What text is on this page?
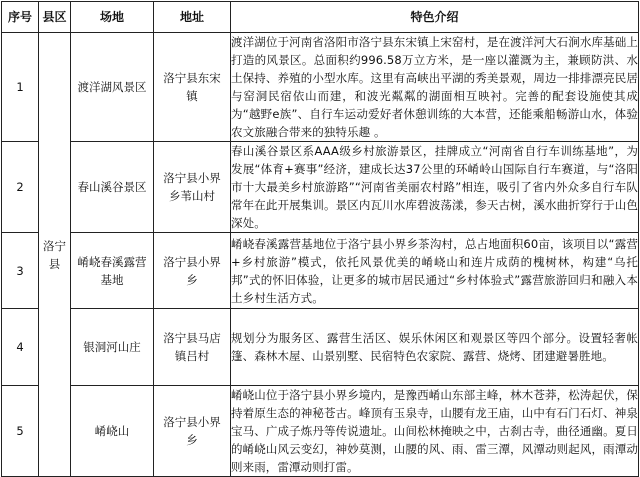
序号	县区	场地	地址	特色介绍
1	洛宁县	渡洋湖风景区	洛宁县东宋镇	渡洋湖位于河南省洛阳市洛宁县东宋镇上宋窑村，是在渡洋河大石涧水库基础上打造的风景区。总面积约996.58万立方米，是一座以灌溉为主，兼顾防洪、水土保持、养殖的小型水库。这里有高峡出平湖的秀美景观，周边一排排漂亮民居与窑洞民宿依山而建，和波光粼粼的湖面相互映衬。完善的配套设施使其成为“越野e族”、自行车运动爱好者休憩训练的大本营，还能乘船畅游山水，体验农文旅融合带来的独特乐趣 。
2		春山溪谷景区	洛宁县小界乡苇山村	春山溪谷景区系AAA级乡村旅游景区，挂牌成立“河南省自行车训练基地”，为发展“体育+赛事”经济，建成长达37公里的环崤岭山国际自行车赛道，与“洛阳市十大最美乡村旅游路”“河南省美丽农村路”相连，吸引了省内外众多自行车队常年在此开展集训。景区内瓦川水库碧波荡漾，参天古树，溪水曲折穿行于山色深处。
3		崤峣春溪露营基地	洛宁县小界乡	崤峣春溪露营基地位于洛宁县小界乡茶沟村，总占地面积60亩，该项目以“露营+乡村旅游”模式，依托风景优美的崤峣山和连片成荫的槐树林，构建“乌托邦”式的怀旧体验，让更多的城市居民通过“乡村体验式”露营旅游回归和融入本土乡村生活方式。
4		银洞河山庄	洛宁县马店镇吕村	规划分为服务区、露营生活区、娱乐休闲区和观景区等四个部分。设置轻奢帐篷、森林木屋、山景别墅、民宿特色农家院、露营、烧烤、团建避暑胜地。
5		崤峣山	洛宁县小界乡	崤峣山位于洛宁县小界乡境内，是豫西崤山东部主峰，林木苍莽，松涛起伏，保持着原生态的神秘苍古。峰顶有玉泉寺，山腰有龙王庙，山中有石门石灯、神泉宝马、广成子炼丹等传说遗址。山间松林掩映之中，古刹古寺，曲径通幽。夏日的崤峣山风云变幻，神妙莫测，山腰的风、雨、雷三潭，风潭动则起风，雨潭动则来雨，雷潭动则打雷。
